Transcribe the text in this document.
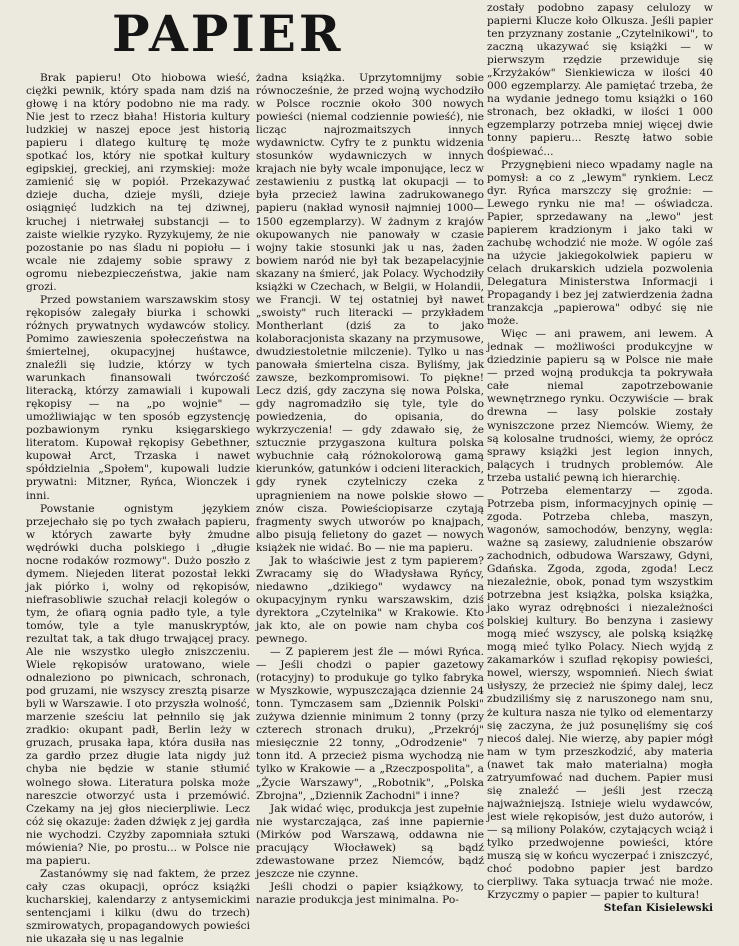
PAPIER

Brak papieru! Oto hiobowa wieść, ciężki pewnik, który spada nam dziś na głowę i na który podobno nie ma rady. Nie jest to rzecz błaha! Historia kultury ludzkiej w naszej epoce jest historią papieru i dlatego kulturę tę może spotkać los, który nie spotkał kultury egipskiej, greckiej, ani rzymskiej: może zamienić się w popiół. Przekazywać dzieje ducha, dzieje myśli, dzieje osiągnięć ludzkich na tej dziwnej, kruchej i nietrwałej substancji — to zaiste wielkie ryzyko. Ryzykujemy, że nie pozostanie po nas śladu ni popiołu — i wcale nie zdajemy sobie sprawy z ogromu niebezpieczeństwa, jakie nam grozi.

Przed powstaniem warszawskim stosy rękopisów zalegały biurka i schowki różnych prywatnych wydawców stolicy. Pomimo zawieszenia społeczeństwa na śmiertelnej, okupacyjnej huśtawce, znaleźli się ludzie, którzy w tych warunkach finansowali twórczość literacką, którzy zamawiali i kupowali rękopisy — na „po wojnie" — umożliwiając w ten sposób egzystencję pozbawionym rynku księgarskiego literatom. Kupował rękopisy Gebethner, kupował Arct, Trzaska i nawet spółdzielnia „Społem", kupowali ludzie prywatni: Mitzner, Ryńca, Wionczek i inni.

Powstanie ognistym językiem przejechało się po tych zwałach papieru, w których zawarte były żmudne wędrówki ducha polskiego i „długie nocne rodaków rozmowy". Dużo poszło z dymem. Niejeden literat pozostał lekki jak piórko i, wolny od rękopisów, niefrasobliwie szuchał relacji kolegów o tym, że ofiarą ognia padło tyle, a tyle tomów, tyle a tyle manuskryptów, rezultat tak, a tak długo trwającej pracy. Ale nie wszystko uległo zniszczeniu. Wiele rękopisów uratowano, wiele odnaleziono po piwnicach, schronach, pod gruzami, nie wszyscy zresztą pisarze byli w Warszawie. I oto przyszła wolność, marzenie sześciu lat pełnnilo się jak zradkio: okupant padł, Berlin leży w gruzach, prusaka łapa, która dusiła nas za gardło przez długie lata nigdy już chyba nie będzie w stanie stłumić wolnego słowa. Literatura polska może nareszcie otworzyć usta i przemówić. Czekamy na jej głos niecierpliwie. Lecz cóż się okazuje: żaden dźwięk z jej gardła nie wychodzi. Czyżby zapomniała sztuki mówienia? Nie, po prostu... w Polsce nie ma papieru.

Zastanówmy się nad faktem, że przez cały czas okupacji, oprócz książki kucharskiej, kalendarzy z antysemickimi sentencjami i kilku (dwu do trzech) szmirowatych, propagandowych powieści nie ukazała się u nas legalnie

żadna książka. Uprzytomnijmy sobie równocześnie, że przed wojną wychodziło w Polsce rocznie około 300 nowych powieści (niemal codziennie powieść), nie licząc najrozmaitszych innych wydawnictw. Cyfry te z punktu widzenia stosunków wydawniczych w innych krajach nie były wcale imponujące, lecz w zestawieniu z pustką lat okupacji — to była przecież lawina zadrukowanego papieru (nakład wynosił najmniej 1000—1500 egzemplarzy). W żadnym z krajów okupowanych nie panowały w czasie wojny takie stosunki jak u nas, żaden bowiem naród nie był tak bezapelacyjnie skazany na śmierć, jak Polacy. Wychodziły książki w Czechach, w Belgii, w Holandii, we Francji. W tej ostatniej był nawet „swoisty" ruch literacki — przykładem Montherlant (dziś za to jako kolaboracjonista skazany na przymusowe, dwudziestoletnie milczenie). Tylko u nas panowała śmiertelna cisza. Byliśmy, jak zawsze, bezkompromisowi. To piękne! Lecz dziś, gdy zaczyna się nowa Polska, gdy nagromadziło się tyle, tyle do powiedzenia, do opisania, do wykrzyczenia! — gdy zdawało się, że sztucznie przygaszona kultura polska wybuchnie całą różnokolorową gamą kierunków, gatunków i odcieni literackich, gdy rynek czytelniczy czeka z upragnieniem na nowe polskie słowo — znów cisza. Powieściopisarze czytają fragmenty swych utworów po knajpach, albo pisują felietony do gazet — nowych książek nie widać. Bo — nie ma papieru.

Jak to właściwie jest z tym papierem? Zwracamy się do Władysława Ryńcy, niedawno „dzikiego" wydawcy na okupacyjnym rynku warszawskim, dziś dyrektora „Czytelnika" w Krakowie. Kto jak kto, ale on powie nam chyba coś pewnego.

— Z papierem jest źle — mówi Ryńca. — Jeśli chodzi o papier gazetowy (rotacyjny) to produkuje go tylko fabryka w Myszkowie, wypuszczająca dziennie 24 tonn. Tymczasem sam „Dziennik Polski" zużywa dziennie minimum 2 tonny (przy czterech stronach druku), „Przekrój" miesięcznie 22 tonny, „Odrodzenie" 7 tonn itd. A przecież pisma wychodzą nie tylko w Krakowie — a „Rzeczpospolita", a „Życie Warszawy", „Robotnik", „Polska Zbrojna", „Dziennik Zachodni" i inne?

Jak widać więc, produkcja jest zupełnie nie wystarczająca, zaś inne papiernie (Mirków pod Warszawą, oddawna nie pracujący Włocławek) są bądź zdewastowane przez Niemców, bądź jeszcze nie czynne.

Jeśli chodzi o papier książkowy, to narazie produkcja jest minimalna. Po-

zostały podobno zapasy celulozy w papierni Klucze koło Olkusza. Jeśli papier ten przyznany zostanie „Czytelnikowi", to zaczną ukazywać się książki — w pierwszym rzędzie przewiduje się „Krzyżaków" Sienkiewicza w ilości 40 000 egzemplarzy. Ale pamiętać trzeba, że na wydanie jednego tomu książki o 160 stronach, bez okładki, w ilości 1 000 egzemplarzy potrzeba mniej więcej dwie tonny papieru... Resztę łatwo sobie dośpiewać...

Przygnębieni nieco wpadamy nagle na pomysł: a co z „lewym" rynkiem. Lecz dyr. Ryńca marszczy się groźnie: — Lewego rynku nie ma! — oświadcza. Papier, sprzedawany na „lewo" jest papierem kradzionym i jako taki w zachubę wchodzić nie może. W ogóle zaś na użycie jakiegokolwiek papieru w celach drukarskich udziela pozwolenia Delegatura Ministerstwa Informacji i Propagandy i bez jej zatwierdzenia żadna tranzakcja „papierowa" odbyć się nie może.

Więc — ani prawem, ani lewem. A jednak — możliwości produkcyjne w dziedzinie papieru są w Polsce nie małe — przed wojną produkcja ta pokrywała całe niemal zapotrzebowanie wewnętrznego rynku. Oczywiście — brak drewna — lasy polskie zostały wyniszczone przez Niemców. Wiemy, że są kolosalne trudności, wiemy, że oprócz sprawy książki jest legion innych, palących i trudnych problemów. Ale trzeba ustalić pewną ich hierarchię.

Potrzeba elementarzy — zgoda. Potrzeba pism, informacyjnych opinię — zgoda. Potrzeba chleba, maszyn, wagonów, samochodów, benzyny, węgla: ważne są zasiewy, zaludnienie obszarów zachodnich, odbudowa Warszawy, Gdyni, Gdańska. Zgoda, zgoda, zgoda! Lecz niezależnie, obok, ponad tym wszystkim potrzebna jest książka, polska książka, jako wyraz odrębności i niezależności polskiej kultury. Bo benzyna i zasiewy mogą mieć wszyscy, ale polską książkę mogą mieć tylko Polacy. Niech wyjdą z zakamarków i szuflad rękopisy powieści, nowel, wierszy, wspomnień. Niech świat usłyszy, że przecież nie śpimy dalej, lecz zbudziliśmy się z naruszonego nam snu, że kultura nasza nie tylko od elementarzy się zaczyna, że już posunęliśmy się coś niecoś dalej. Nie wierzę, aby papier mógł nam w tym przeszkodzić, aby materia (nawet tak mało materialna) mogła zatryumfować nad duchem. Papier musi się znaleźć — jeśli jest rzeczą najważniejszą. Istnieje wielu wydawców, jest wiele rękopisów, jest dużo autorów, i — są miliony Polaków, czytających wciąż i tylko przedwojenne powieści, które muszą się w końcu wyczerpać i zniszczyć, choć podobno papier jest bardzo cierpliwy. Taka sytuacja trwać nie może. Krzyczmy o papier — papier to kultura!

Stefan Kisielewski
